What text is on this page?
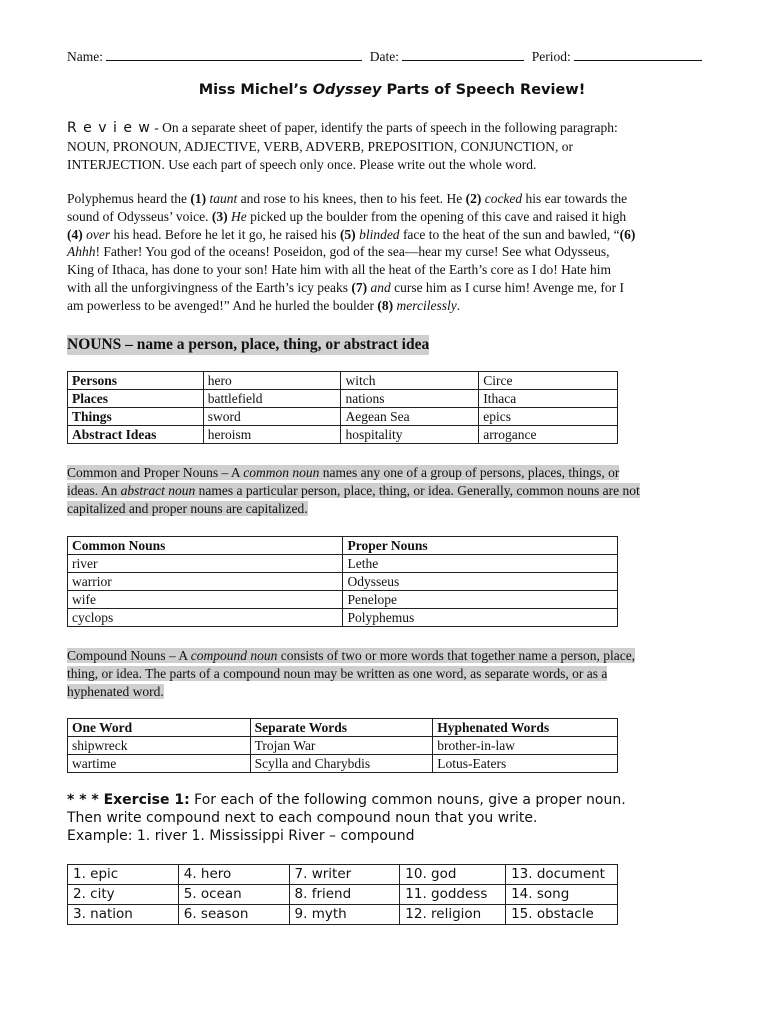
Name:	Date:	Period:
Miss Michel’s Odyssey Parts of Speech Review!

R e v i e w - On a separate sheet of paper, identify the parts of speech in the following paragraph:

NOUN, PRONOUN, ADJECTIVE, VERB, ADVERB, PREPOSITION, CONJUNCTION, or

INTERJECTION. Use each part of speech only once. Please write out the whole word.

Polyphemus heard the (1) taunt and rose to his knees, then to his feet. He (2) cocked his ear towards the

sound of Odysseus’ voice. (3) He picked up the boulder from the opening of this cave and raised it high

(4) over his head. Before he let it go, he raised his (5) blinded face to the heat of the sun and bawled, “(6)

Ahhh! Father! You god of the oceans! Poseidon, god of the sea—hear my curse! See what Odysseus,

King of Ithaca, has done to your son! Hate him with all the heat of the Earth’s core as I do! Hate him

with all the unforgivingness of the Earth’s icy peaks (7) and curse him as I curse him! Avenge me, for I

am powerless to be avenged!” And he hurled the boulder (8) mercilessly.

NOUNS – name a person, place, thing, or abstract idea
Persons	hero	witch	Circe
Places	battlefield	nations	Ithaca
Things	sword	Aegean Sea	epics
Abstract Ideas	heroism	hospitality	arrogance

Common and Proper Nouns – A common noun names any one of a group of persons, places, things, or

ideas. An abstract noun names a particular person, place, thing, or idea. Generally, common nouns are not

capitalized and proper nouns are capitalized.

Common Nouns	Proper Nouns
river	Lethe
warrior	Odysseus
wife	Penelope
cyclops	Polyphemus

Compound Nouns – A compound noun consists of two or more words that together name a person, place,

thing, or idea. The parts of a compound noun may be written as one word, as separate words, or as a

hyphenated word.

One Word	Separate Words	Hyphenated Words
shipwreck	Trojan War	brother-in-law
wartime	Scylla and Charybdis	Lotus-Eaters

* * * Exercise 1: For each of the following common nouns, give a proper noun.

Then write compound next to each compound noun that you write.

Example: 1. river 1. Mississippi River – compound

1. epic	4. hero	7. writer	10. god	13. document
2. city	5. ocean	8. friend	11. goddess	14. song
3. nation	6. season	9. myth	12. religion	15. obstacle
